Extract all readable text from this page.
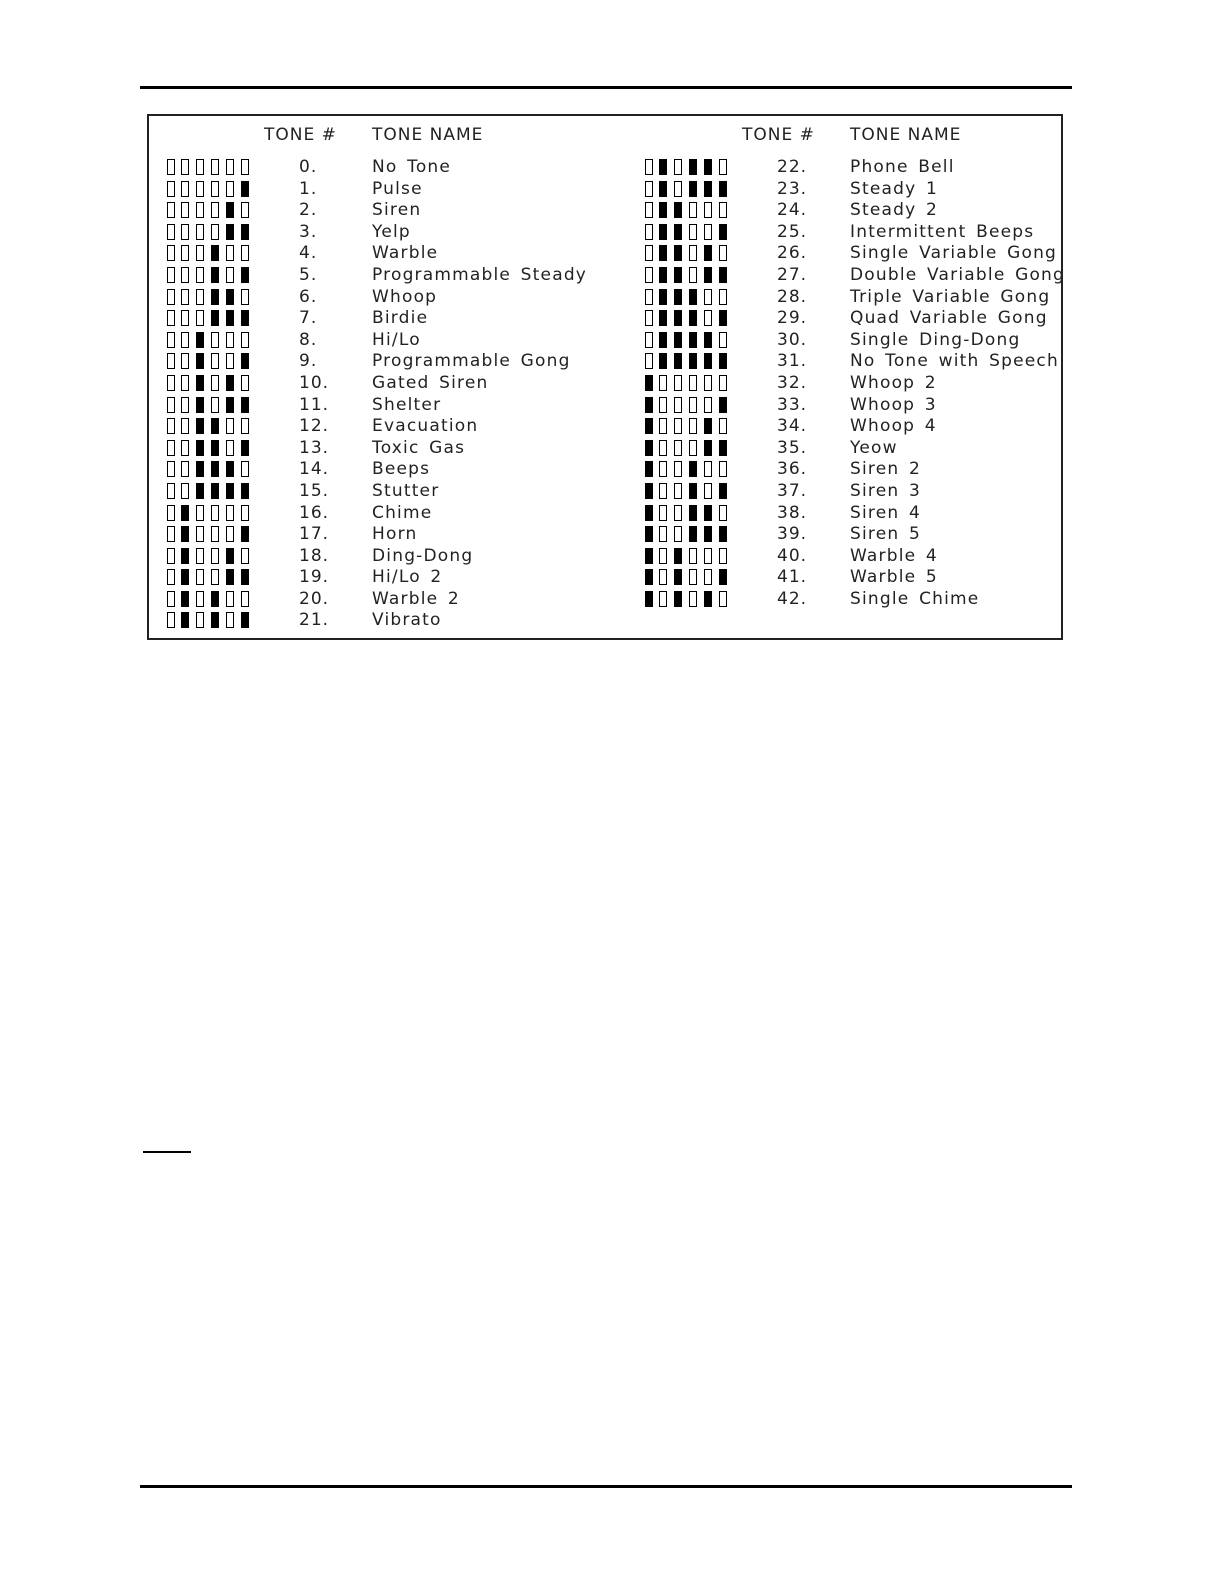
TONE # TONE NAME
0.	No Tone
1.	Pulse
2.	Siren
3.	Yelp
4.	Warble
5.	Programmable Steady
6.	Whoop
7.	Birdie
8.	Hi/Lo
9.	Programmable Gong
10.	Gated Siren
11.	Shelter
12.	Evacuation
13.	Toxic Gas
14.	Beeps
15.	Stutter
16.	Chime
17.	Horn
18.	Ding-Dong
19.	Hi/Lo 2
20.	Warble 2
21.	Vibrato
TONE # TONE NAME
22.	Phone Bell
23.	Steady 1
24.	Steady 2
25.	Intermittent Beeps
26.	Single Variable Gong
27.	Double Variable Gong
28.	Triple Variable Gong
29.	Quad Variable Gong
30.	Single Ding-Dong
31.	No Tone with Speech
32.	Whoop 2
33.	Whoop 3
34.	Whoop 4
35.	Yeow
36.	Siren 2
37.	Siren 3
38.	Siren 4
39.	Siren 5
40.	Warble 4
41.	Warble 5
42.	Single Chime
